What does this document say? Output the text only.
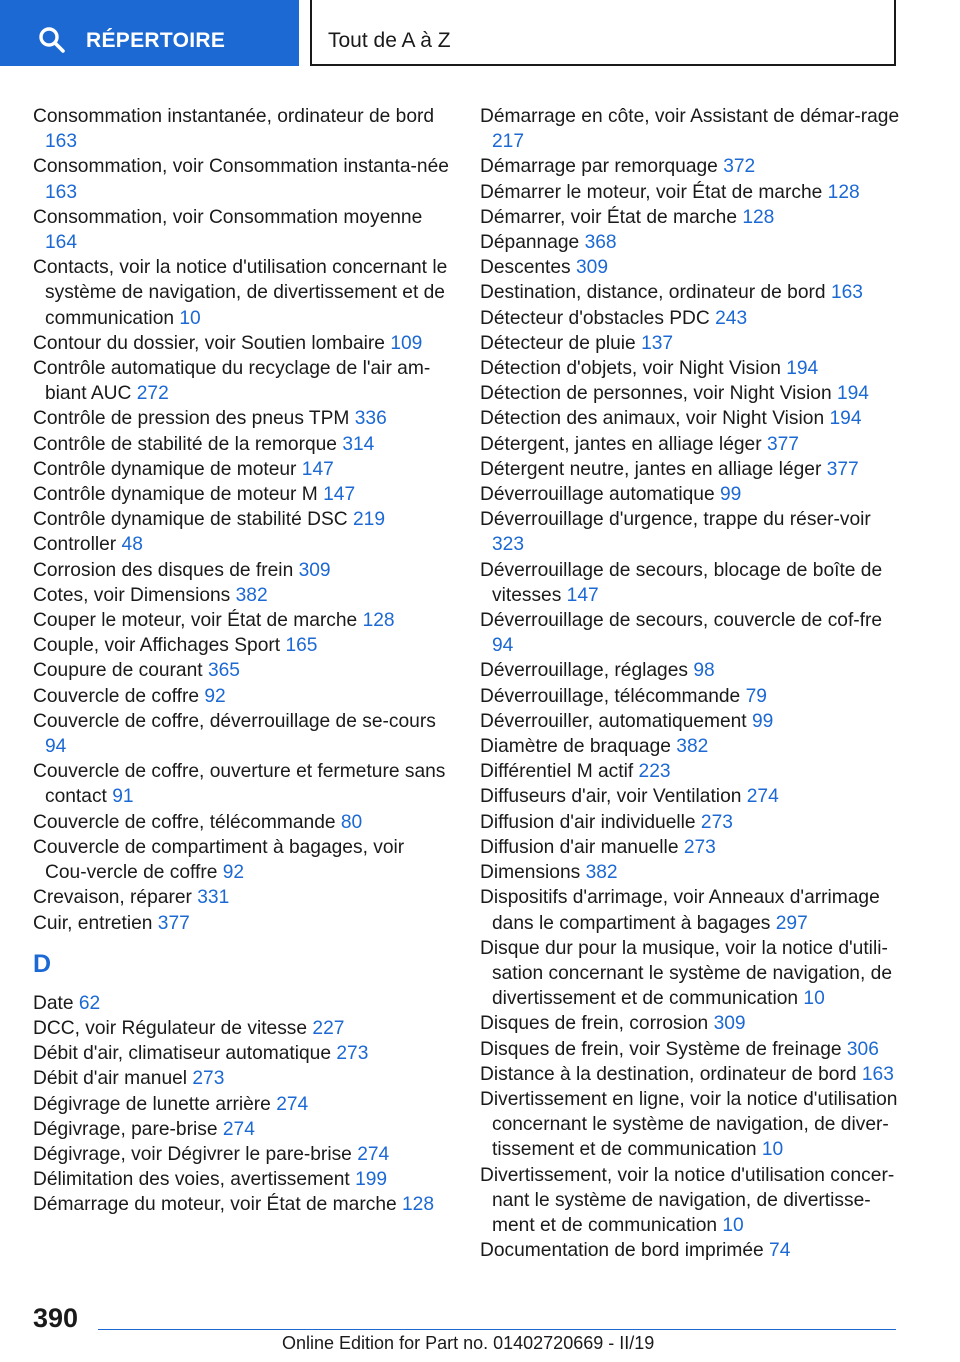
RÉPERTOIRE	Tout de A à Z
Consommation instantanée, ordinateur de bord 163
Consommation, voir Consommation instanta-née 163
Consommation, voir Consommation moyenne 164
Contacts, voir la notice d'utilisation concernant le système de navigation, de divertissement et de communication 10
Contour du dossier, voir Soutien lombaire 109
Contrôle automatique du recyclage de l'air am-biant AUC 272
Contrôle de pression des pneus TPM 336
Contrôle de stabilité de la remorque 314
Contrôle dynamique de moteur 147
Contrôle dynamique de moteur M 147
Contrôle dynamique de stabilité DSC 219
Controller 48
Corrosion des disques de frein 309
Cotes, voir Dimensions 382
Couper le moteur, voir État de marche 128
Couple, voir Affichages Sport 165
Coupure de courant 365
Couvercle de coffre 92
Couvercle de coffre, déverrouillage de se-cours 94
Couvercle de coffre, ouverture et fermeture sans contact 91
Couvercle de coffre, télécommande 80
Couvercle de compartiment à bagages, voir Cou-vercle de coffre 92
Crevaison, réparer 331
Cuir, entretien 377
D
Date 62
DCC, voir Régulateur de vitesse 227
Débit d'air, climatiseur automatique 273
Débit d'air manuel 273
Dégivrage de lunette arrière 274
Dégivrage, pare-brise 274
Dégivrage, voir Dégivrer le pare-brise 274
Délimitation des voies, avertissement 199
Démarrage du moteur, voir État de marche 128
Démarrage en côte, voir Assistant de démar-rage 217
Démarrage par remorquage 372
Démarrer le moteur, voir État de marche 128
Démarrer, voir État de marche 128
Dépannage 368
Descentes 309
Destination, distance, ordinateur de bord 163
Détecteur d'obstacles PDC 243
Détecteur de pluie 137
Détection d'objets, voir Night Vision 194
Détection de personnes, voir Night Vision 194
Détection des animaux, voir Night Vision 194
Détergent, jantes en alliage léger 377
Détergent neutre, jantes en alliage léger 377
Déverrouillage automatique 99
Déverrouillage d'urgence, trappe du réser-voir 323
Déverrouillage de secours, blocage de boîte de vitesses 147
Déverrouillage de secours, couvercle de cof-fre 94
Déverrouillage, réglages 98
Déverrouillage, télécommande 79
Déverrouiller, automatiquement 99
Diamètre de braquage 382
Différentiel M actif 223
Diffuseurs d'air, voir Ventilation 274
Diffusion d'air individuelle 273
Diffusion d'air manuelle 273
Dimensions 382
Dispositifs d'arrimage, voir Anneaux d'arrimage dans le compartiment à bagages 297
Disque dur pour la musique, voir la notice d'utili-sation concernant le système de navigation, de divertissement et de communication 10
Disques de frein, corrosion 309
Disques de frein, voir Système de freinage 306
Distance à la destination, ordinateur de bord 163
Divertissement en ligne, voir la notice d'utilisation concernant le système de navigation, de diver-tissement et de communication 10
Divertissement, voir la notice d'utilisation concer-nant le système de navigation, de divertisse-ment et de communication 10
Documentation de bord imprimée 74
390
Online Edition for Part no. 01402720669 - II/19
